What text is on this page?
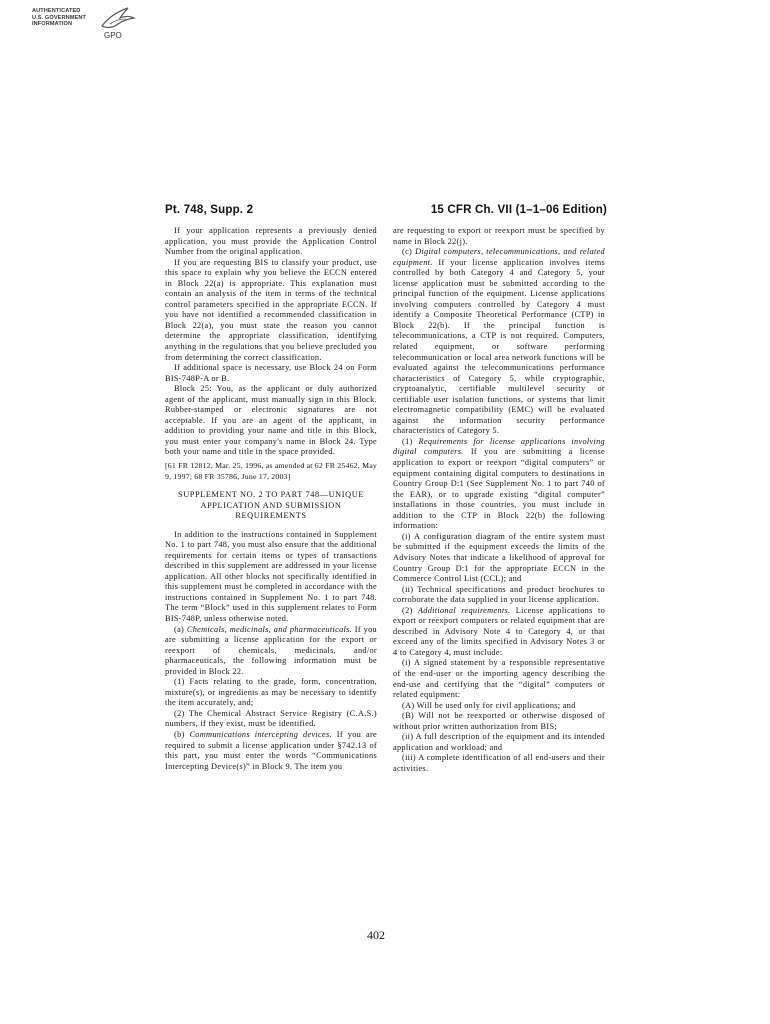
AUTHENTICATED
U.S. GOVERNMENT
INFORMATION
GPO
Pt. 748, Supp. 2	15 CFR Ch. VII (1–1–06 Edition)

If your application represents a previously denied application, you must provide the Application Control Number from the original application.

If you are requesting BIS to classify your product, use this space to explain why you believe the ECCN entered in Block 22(a) is appropriate. This explanation must contain an analysis of the item in terms of the technical control parameters specified in the appropriate ECCN. If you have not identified a recommended classification in Block 22(a), you must state the reason you cannot determine the appropriate classification, identifying anything in the regulations that you believe precluded you from determining the correct classification.

If additional space is necessary, use Block 24 on Form BIS-748P-A or B.

Block 25: You, as the applicant or duly authorized agent of the applicant, must manually sign in this Block. Rubber-stamped or electronic signatures are not acceptable. If you are an agent of the applicant, in addition to providing your name and title in this Block, you must enter your company's name in Block 24. Type both your name and title in the space provided.

[61 FR 12812, Mar. 25, 1996, as amended at 62 FR 25462, May 9, 1997; 68 FR 35786, June 17, 2003]

SUPPLEMENT NO. 2 TO PART 748—UNIQUE APPLICATION AND SUBMISSION REQUIREMENTS

In addition to the instructions contained in Supplement No. 1 to part 748, you must also ensure that the additional requirements for certain items or types of transactions described in this supplement are addressed in your license application. All other blocks not specifically identified in this supplement must be completed in accordance with the instructions contained in Supplement No. 1 to part 748. The term “Block” used in this supplement relates to Form BIS-748P, unless otherwise noted.

(a) Chemicals, medicinals, and pharmaceuticals. If you are submitting a license application for the export or reexport of chemicals, medicinals, and/or pharmaceuticals, the following information must be provided in Block 22.

(1) Facts relating to the grade, form, concentration, mixture(s), or ingredients as may be necessary to identify the item accurately, and;

(2) The Chemical Abstract Service Registry (C.A.S.) numbers, if they exist, must be identified.

(b) Communications intercepting devices. If you are required to submit a license application under §742.13 of this part, you must enter the words “Communications Intercepting Device(s)” in Block 9. The item you

are requesting to export or reexport must be specified by name in Block 22(j).

(c) Digital computers, telecommunications, and related equipment. If your license application involves items controlled by both Category 4 and Category 5, your license application must be submitted according to the principal function of the equipment. License applications involving computers controlled by Category 4 must identify a Composite Theoretical Performance (CTP) in Block 22(b). If the principal function is telecommunications, a CTP is not required. Computers, related equipment, or software performing telecommunication or local area network functions will be evaluated against the telecommunications performance characteristics of Category 5, while cryptographic, cryptoanalytic, certifiable multilevel security or certifiable user isolation functions, or systems that limit electromagnetic compatibility (EMC) will be evaluated against the information security performance characteristics of Category 5.

(1) Requirements for license applications involving digital computers. If you are submitting a license application to export or reexport “digital computers” or equipment containing digital computers to destinations in Country Group D:1 (See Supplement No. 1 to part 740 of the EAR), or to upgrade existing “digital computer” installations in those countries, you must include in addition to the CTP in Block 22(b) the following information:

(i) A configuration diagram of the entire system must be submitted if the equipment exceeds the limits of the Advisory Notes that indicate a likelihood of approval for Country Group D:1 for the appropriate ECCN in the Commerce Control List (CCL); and

(ii) Technical specifications and product brochures to corroborate the data supplied in your license application.

(2) Additional requirements. License applications to export or reexport computers or related equipment that are described in Advisory Note 4 to Category 4, or that exceed any of the limits specified in Advisory Notes 3 or 4 to Category 4, must include:

(i) A signed statement by a responsible representative of the end-user or the importing agency describing the end-use and certifying that the “digital” computers or related equipment:

(A) Will be used only for civil applications; and

(B) Will not be reexported or otherwise disposed of without prior written authorization from BIS;

(ii) A full description of the equipment and its intended application and workload; and

(iii) A complete identification of all end-users and their activities.

402
